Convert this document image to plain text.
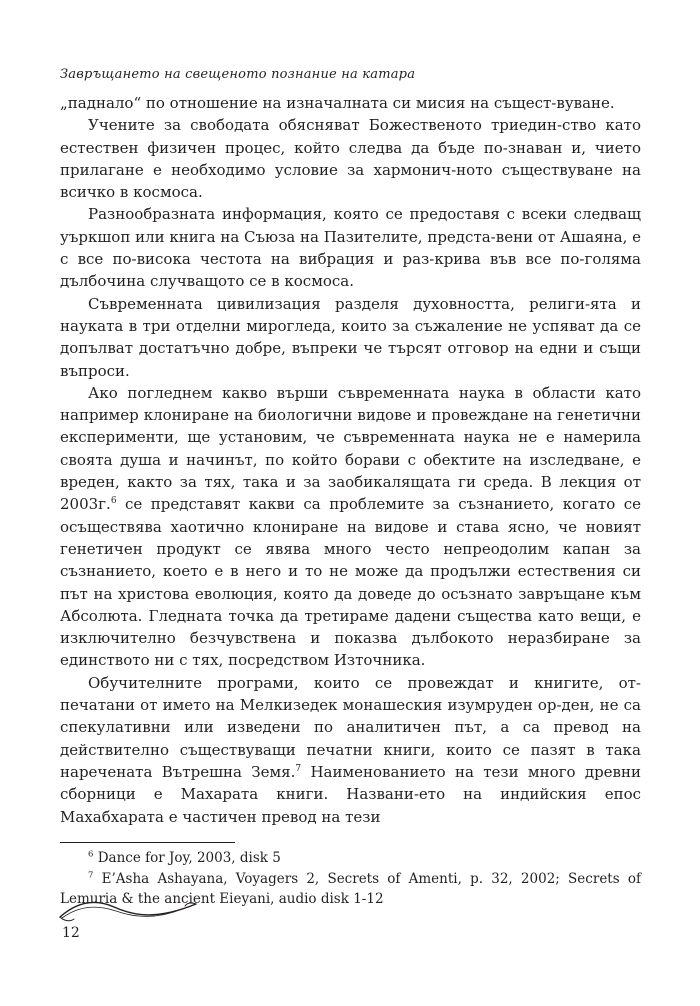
Завръщането на свещеното познание на катара

„падналo“ по отношение на изначалната си мисия на същест-вуване.

Учените за свободата обясняват Божественото триедин-ство като естествен физичен процес, който следва да бъде по-знаван и, чието прилагане е необходимо условие за хармонич-ното съществуване на всичко в космоса.

Разнообразната информация, която се предоставя с всеки следващ уъркшоп или книга на Съюза на Пазителите, предста-вени от Ашаяна, е с все по-висока честота на вибрация и раз-крива във все по-голяма дълбочина случващото се в космоса.

Съвременната цивилизация разделя духовността, религи-ята и науката в три отделни мирогледа, които за съжаление не успяват да се допълват достатъчно добре, въпреки че търсят отговор на едни и същи въпроси.

Ако погледнем какво върши съвременната наука в области като например клониране на биологични видове и провеждане на генетични експерименти, ще установим, че съвременната наука не е намерила своята душа и начинът, по който борави с обектите на изследване, е вреден, както за тях, така и за заобикалящата ги среда. В лекция от 2003г.$^6$ се представят какви са проблемите за съзнанието, когато се осъществява хаотично клониране на видове и става ясно, че новият генетичен продукт се явява много често непреодолим капан за съзнанието, което е в него и то не може да продължи естествения си път на христова еволюция, която да доведе до осъзнато завръщане към Абсолюта. Гледната точка да третираме дадени същества като вещи, е изключително безчувствена и показва дълбокото неразбиране за единството ни с тях, посредством Източника.

Обучителните програми, които се провеждат и книгите, от-печатани от името на Мелкизедек монашеския изумруден ор-ден, не са спекулативни или изведени по аналитичен път, а са превод на действително съществуващи печатни книги, които се пазят в така наречената Вътрешна Земя.$^7$ Наименованието на тези много древни сборници е Махарата книги. Названи-ето на индийския епос Махабхарата е частичен превод на тези

$^6$ Dance for Joy, 2003, disk 5

$^7$ E’Asha Ashayana, Voyagers 2, Secrets of Amenti, p. 32, 2002; Secrets of Lemuria & the ancient Eieyani, audio disk 1-12

12
